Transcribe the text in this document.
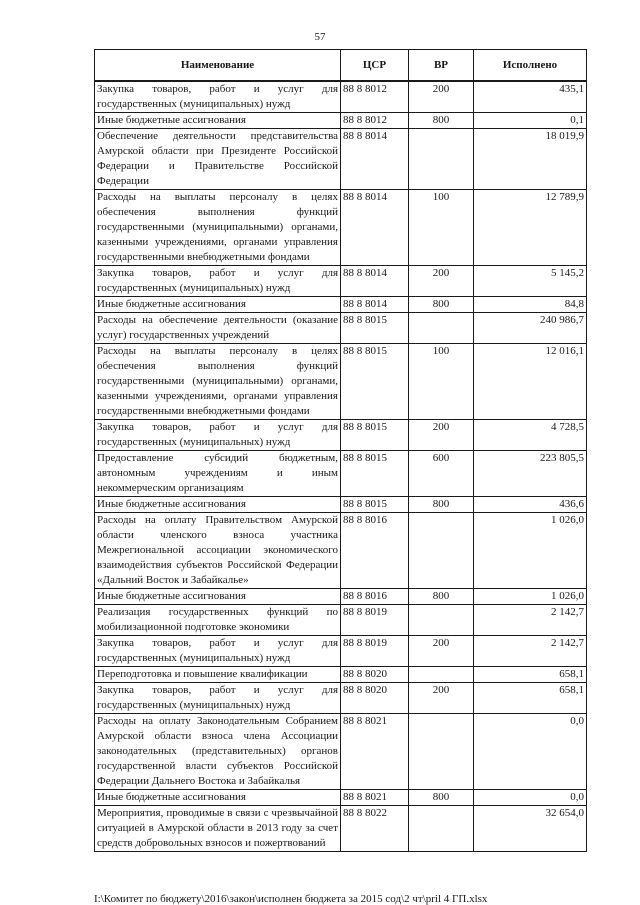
57
Наименование	ЦСР	ВР	Исполнено
Закупка товаров, работ и услуг для государственных (муниципальных) нужд	88 8 8012	200	435,1
Иные бюджетные ассигнования	88 8 8012	800	0,1
Обеспечение деятельности представительства Амурской области при Президенте Российской Федерации и Правительстве Российской Федерации	88 8 8014		18 019,9
Расходы на выплаты персоналу в целях обеспечения выполнения функций государственными (муниципальными) органами, казенными учреждениями, органами управления государственными внебюджетными фондами	88 8 8014	100	12 789,9
Закупка товаров, работ и услуг для государственных (муниципальных) нужд	88 8 8014	200	5 145,2
Иные бюджетные ассигнования	88 8 8014	800	84,8
Расходы на обеспечение деятельности (оказание услуг) государственных учреждений	88 8 8015		240 986,7
Расходы на выплаты персоналу в целях обеспечения выполнения функций государственными (муниципальными) органами, казенными учреждениями, органами управления государственными внебюджетными фондами	88 8 8015	100	12 016,1
Закупка товаров, работ и услуг для государственных (муниципальных) нужд	88 8 8015	200	4 728,5
Предоставление субсидий бюджетным, автономным учреждениям и иным некоммерческим организациям	88 8 8015	600	223 805,5
Иные бюджетные ассигнования	88 8 8015	800	436,6
Расходы на оплату Правительством Амурской области членского взноса участника Межрегиональной ассоциации экономического взаимодействия субъектов Российской Федерации «Дальний Восток и Забайкалье»	88 8 8016		1 026,0
Иные бюджетные ассигнования	88 8 8016	800	1 026,0
Реализация государственных функций по мобилизационной подготовке экономики	88 8 8019		2 142,7
Закупка товаров, работ и услуг для государственных (муниципальных) нужд	88 8 8019	200	2 142,7
Переподготовка и повышение квалификации	88 8 8020		658,1
Закупка товаров, работ и услуг для государственных (муниципальных) нужд	88 8 8020	200	658,1
Расходы на оплату Законодательным Собранием Амурской области взноса члена Ассоциации законодательных (представительных) органов государственной власти субъектов Российской Федерации Дальнего Востока и Забайкалья	88 8 8021		0,0
Иные бюджетные ассигнования	88 8 8021	800	0,0
Мероприятия, проводимые в связи с чрезвычайной ситуацией в Амурской области в 2013 году за счет средств добровольных взносов и пожертвований	88 8 8022		32 654,0
I:\Комитет по бюджету\2016\закон\исполнен бюджета за 2015 сод\2 чт\pril 4 ГП.xlsx
